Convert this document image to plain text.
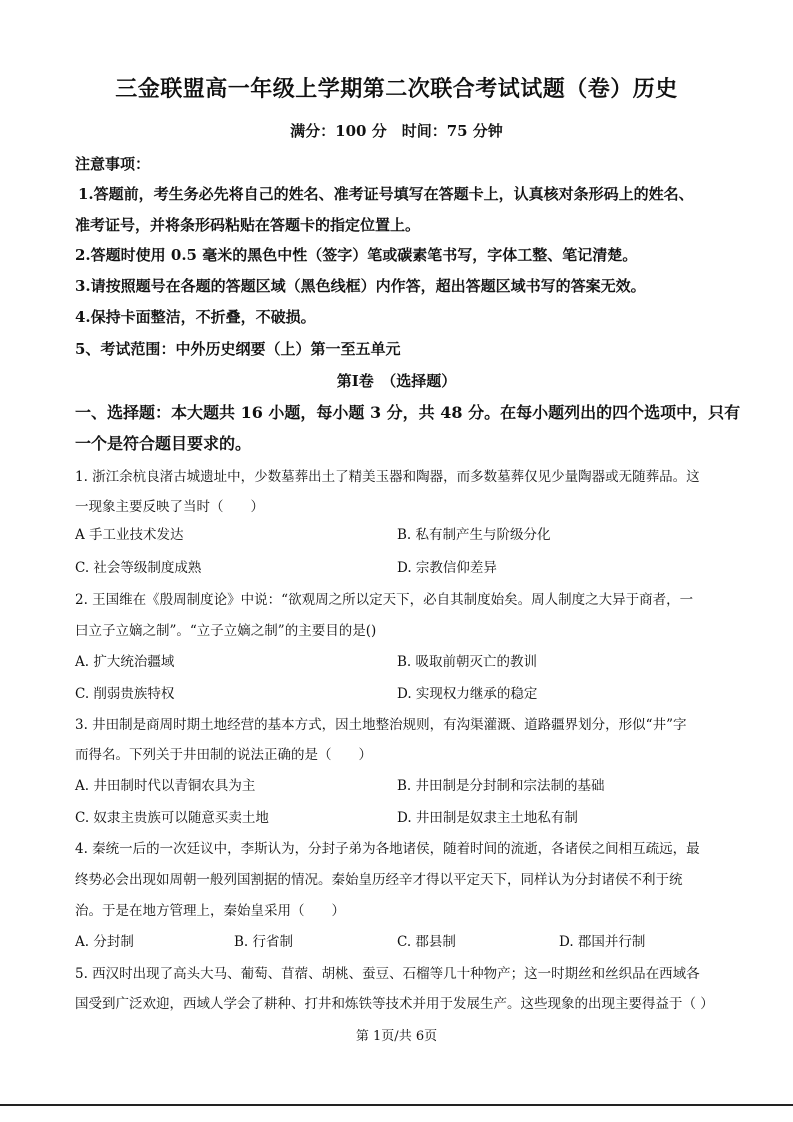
三金联盟高一年级上学期第二次联合考试试题（卷）历史
满分：100 分　时间：75 分钟
注意事项：
1.答题前，考生务必先将自己的姓名、准考证号填写在答题卡上，认真核对条形码上的姓名、
准考证号，并将条形码粘贴在答题卡的指定位置上。
2.答题时使用 0.5 毫米的黑色中性（签字）笔或碳素笔书写，字体工整、笔记清楚。
3.请按照题号在各题的答题区域（黑色线框）内作答，超出答题区域书写的答案无效。
4.保持卡面整洁，不折叠，不破损。
5、考试范围：中外历史纲要（上）第一至五单元
第Ⅰ卷　（选择题）
一、选择题：本大题共 16 小题，每小题 3 分，共 48 分。在每小题列出的四个选项中，只有
一个是符合题目要求的。
1. 浙江余杭良渚古城遗址中，少数墓葬出土了精美玉器和陶器，而多数墓葬仅见少量陶器或无随葬品。这
一现象主要反映了当时（　　）
A 手工业技术发达	B. 私有制产生与阶级分化
C. 社会等级制度成熟	D. 宗教信仰差异
2. 王国维在《殷周制度论》中说：“欲观周之所以定天下，必自其制度始矣。周人制度之大异于商者，一
曰立子立嫡之制”。“立子立嫡之制”的主要目的是()
A. 扩大统治疆域	B. 吸取前朝灭亡的教训
C. 削弱贵族特权	D. 实现权力继承的稳定
3. 井田制是商周时期土地经营的基本方式，因土地整治规则，有沟渠灌溉、道路疆界划分，形似“井”字
而得名。下列关于井田制的说法正确的是（　　）
A. 井田制时代以青铜农具为主	B. 井田制是分封制和宗法制的基础
C. 奴隶主贵族可以随意买卖土地	D. 井田制是奴隶主土地私有制
4. 秦统一后的一次廷议中，李斯认为，分封子弟为各地诸侯，随着时间的流逝，各诸侯之间相互疏远，最
终势必会出现如周朝一般列国割据的情况。秦始皇历经辛才得以平定天下，同样认为分封诸侯不利于统
治。于是在地方管理上，秦始皇采用（　　）
A. 分封制	B. 行省制	C. 郡县制	D. 郡国并行制
5. 西汉时出现了高头大马、葡萄、苜蓿、胡桃、蚕豆、石榴等几十种物产；这一时期丝和丝织品在西域各
国受到广泛欢迎，西域人学会了耕种、打井和炼铁等技术并用于发展生产。这些现象的出现主要得益于（ ）
第 1页/共 6页
